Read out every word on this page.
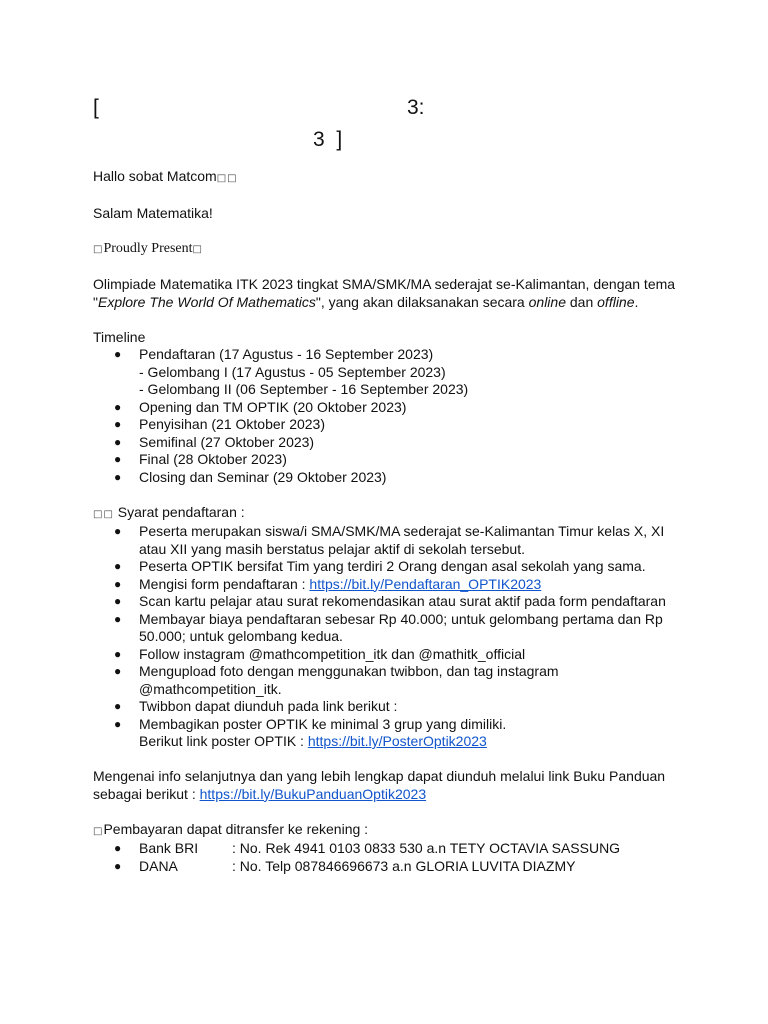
[	3:
3 ]

Hallo sobat Matcom□□

Salam Matematika!

□Proudly Present□

Olimpiade Matematika ITK 2023 tingkat SMA/SMK/MA sederajat se-Kalimantan, dengan tema "Explore The World Of Mathematics", yang akan dilaksanakan secara online dan offline.

Timeline

● Pendaftaran (17 Agustus - 16 September 2023)
- Gelombang I (17 Agustus - 05 September 2023)
- Gelombang II (06 September - 16 September 2023)
● Opening dan TM OPTIK (20 Oktober 2023)
● Penyisihan (21 Oktober 2023)
● Semifinal (27 Oktober 2023)
● Final (28 Oktober 2023)
● Closing dan Seminar (29 Oktober 2023)

□□ Syarat pendaftaran :

● Peserta merupakan siswa/i SMA/SMK/MA sederajat se-Kalimantan Timur kelas X, XI atau XII yang masih berstatus pelajar aktif di sekolah tersebut.
● Peserta OPTIK bersifat Tim yang terdiri 2 Orang dengan asal sekolah yang sama.
● Mengisi form pendaftaran : https://bit.ly/Pendaftaran_OPTIK2023
● Scan kartu pelajar atau surat rekomendasikan atau surat aktif pada form pendaftaran
● Membayar biaya pendaftaran sebesar Rp 40.000; untuk gelombang pertama dan Rp 50.000; untuk gelombang kedua.
● Follow instagram @mathcompetition_itk dan @mathitk_official
● Mengupload foto dengan menggunakan twibbon, dan tag instagram @mathcompetition_itk.
● Twibbon dapat diunduh pada link berikut :
● Membagikan poster OPTIK ke minimal 3 grup yang dimiliki.
Berikut link poster OPTIK : https://bit.ly/PosterOptik2023

Mengenai info selanjutnya dan yang lebih lengkap dapat diunduh melalui link Buku Panduan sebagai berikut : https://bit.ly/BukuPanduanOptik2023

□Pembayaran dapat ditransfer ke rekening :

● Bank BRI : No. Rek 4941 0103 0833 530 a.n TETY OCTAVIA SASSUNG
● DANA	: No. Telp 087846696673 a.n GLORIA LUVITA DIAZMY
